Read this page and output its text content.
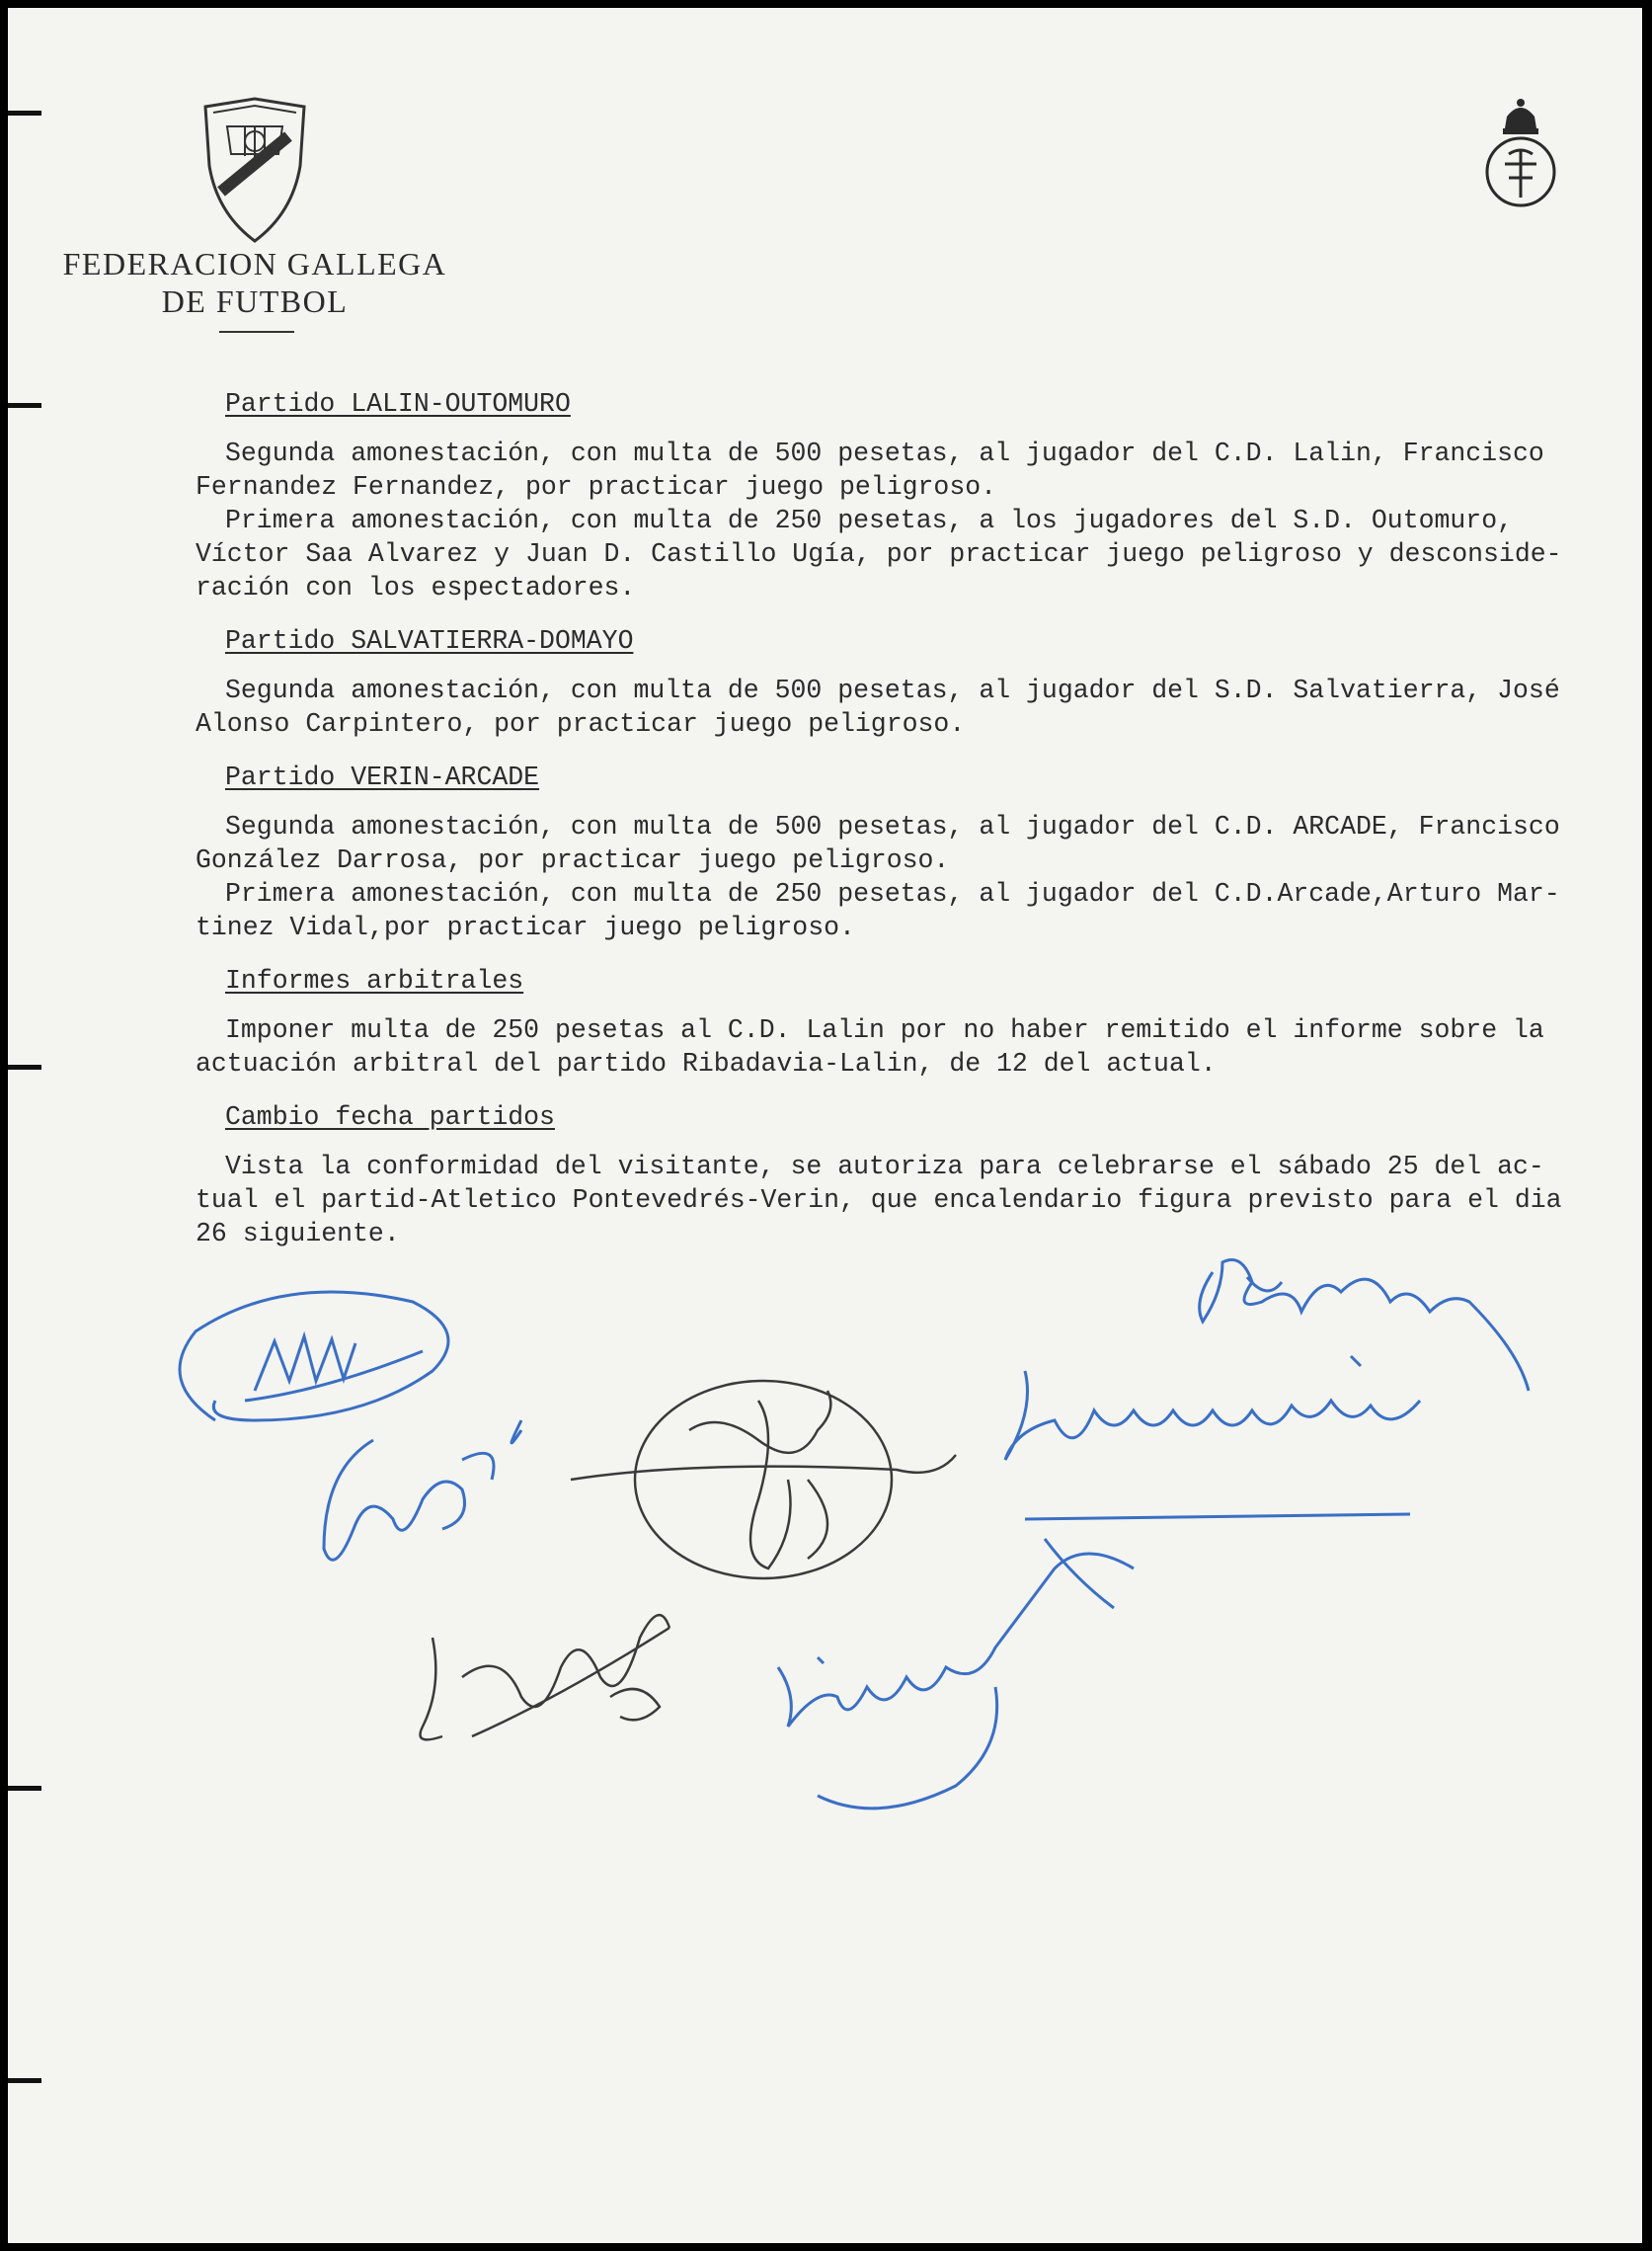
FEDERACION GALLEGA
DE FUTBOL
Partido LALIN-OUTOMURO
Segunda amonestación, con multa de 500 pesetas, al jugador del C.D. Lalin, Francisco
Fernandez Fernandez, por practicar juego peligroso.
Primera amonestación, con multa de 250 pesetas, a los jugadores del S.D. Outomuro,
Víctor Saa Alvarez y Juan D. Castillo Ugía, por practicar juego peligroso y desconside-
ración con los espectadores.
Partido SALVATIERRA-DOMAYO
Segunda amonestación, con multa de 500 pesetas, al jugador del S.D. Salvatierra, José
Alonso Carpintero, por practicar juego peligroso.
Partido VERIN-ARCADE
Segunda amonestación, con multa de 500 pesetas, al jugador del C.D. ARCADE, Francisco
González Darrosa, por practicar juego peligroso.
Primera amonestación, con multa de 250 pesetas, al jugador del C.D.Arcade,Arturo Mar-
tinez Vidal,por practicar juego peligroso.
Informes arbitrales
Imponer multa de 250 pesetas al C.D. Lalin por no haber remitido el informe sobre la
actuación arbitral del partido Ribadavia-Lalin, de 12 del actual.
Cambio fecha partidos
Vista la conformidad del visitante, se autoriza para celebrarse el sábado 25 del ac-
tual el partid-Atletico Pontevedrés-Verin, que encalendario figura previsto para el dia
26 siguiente.
